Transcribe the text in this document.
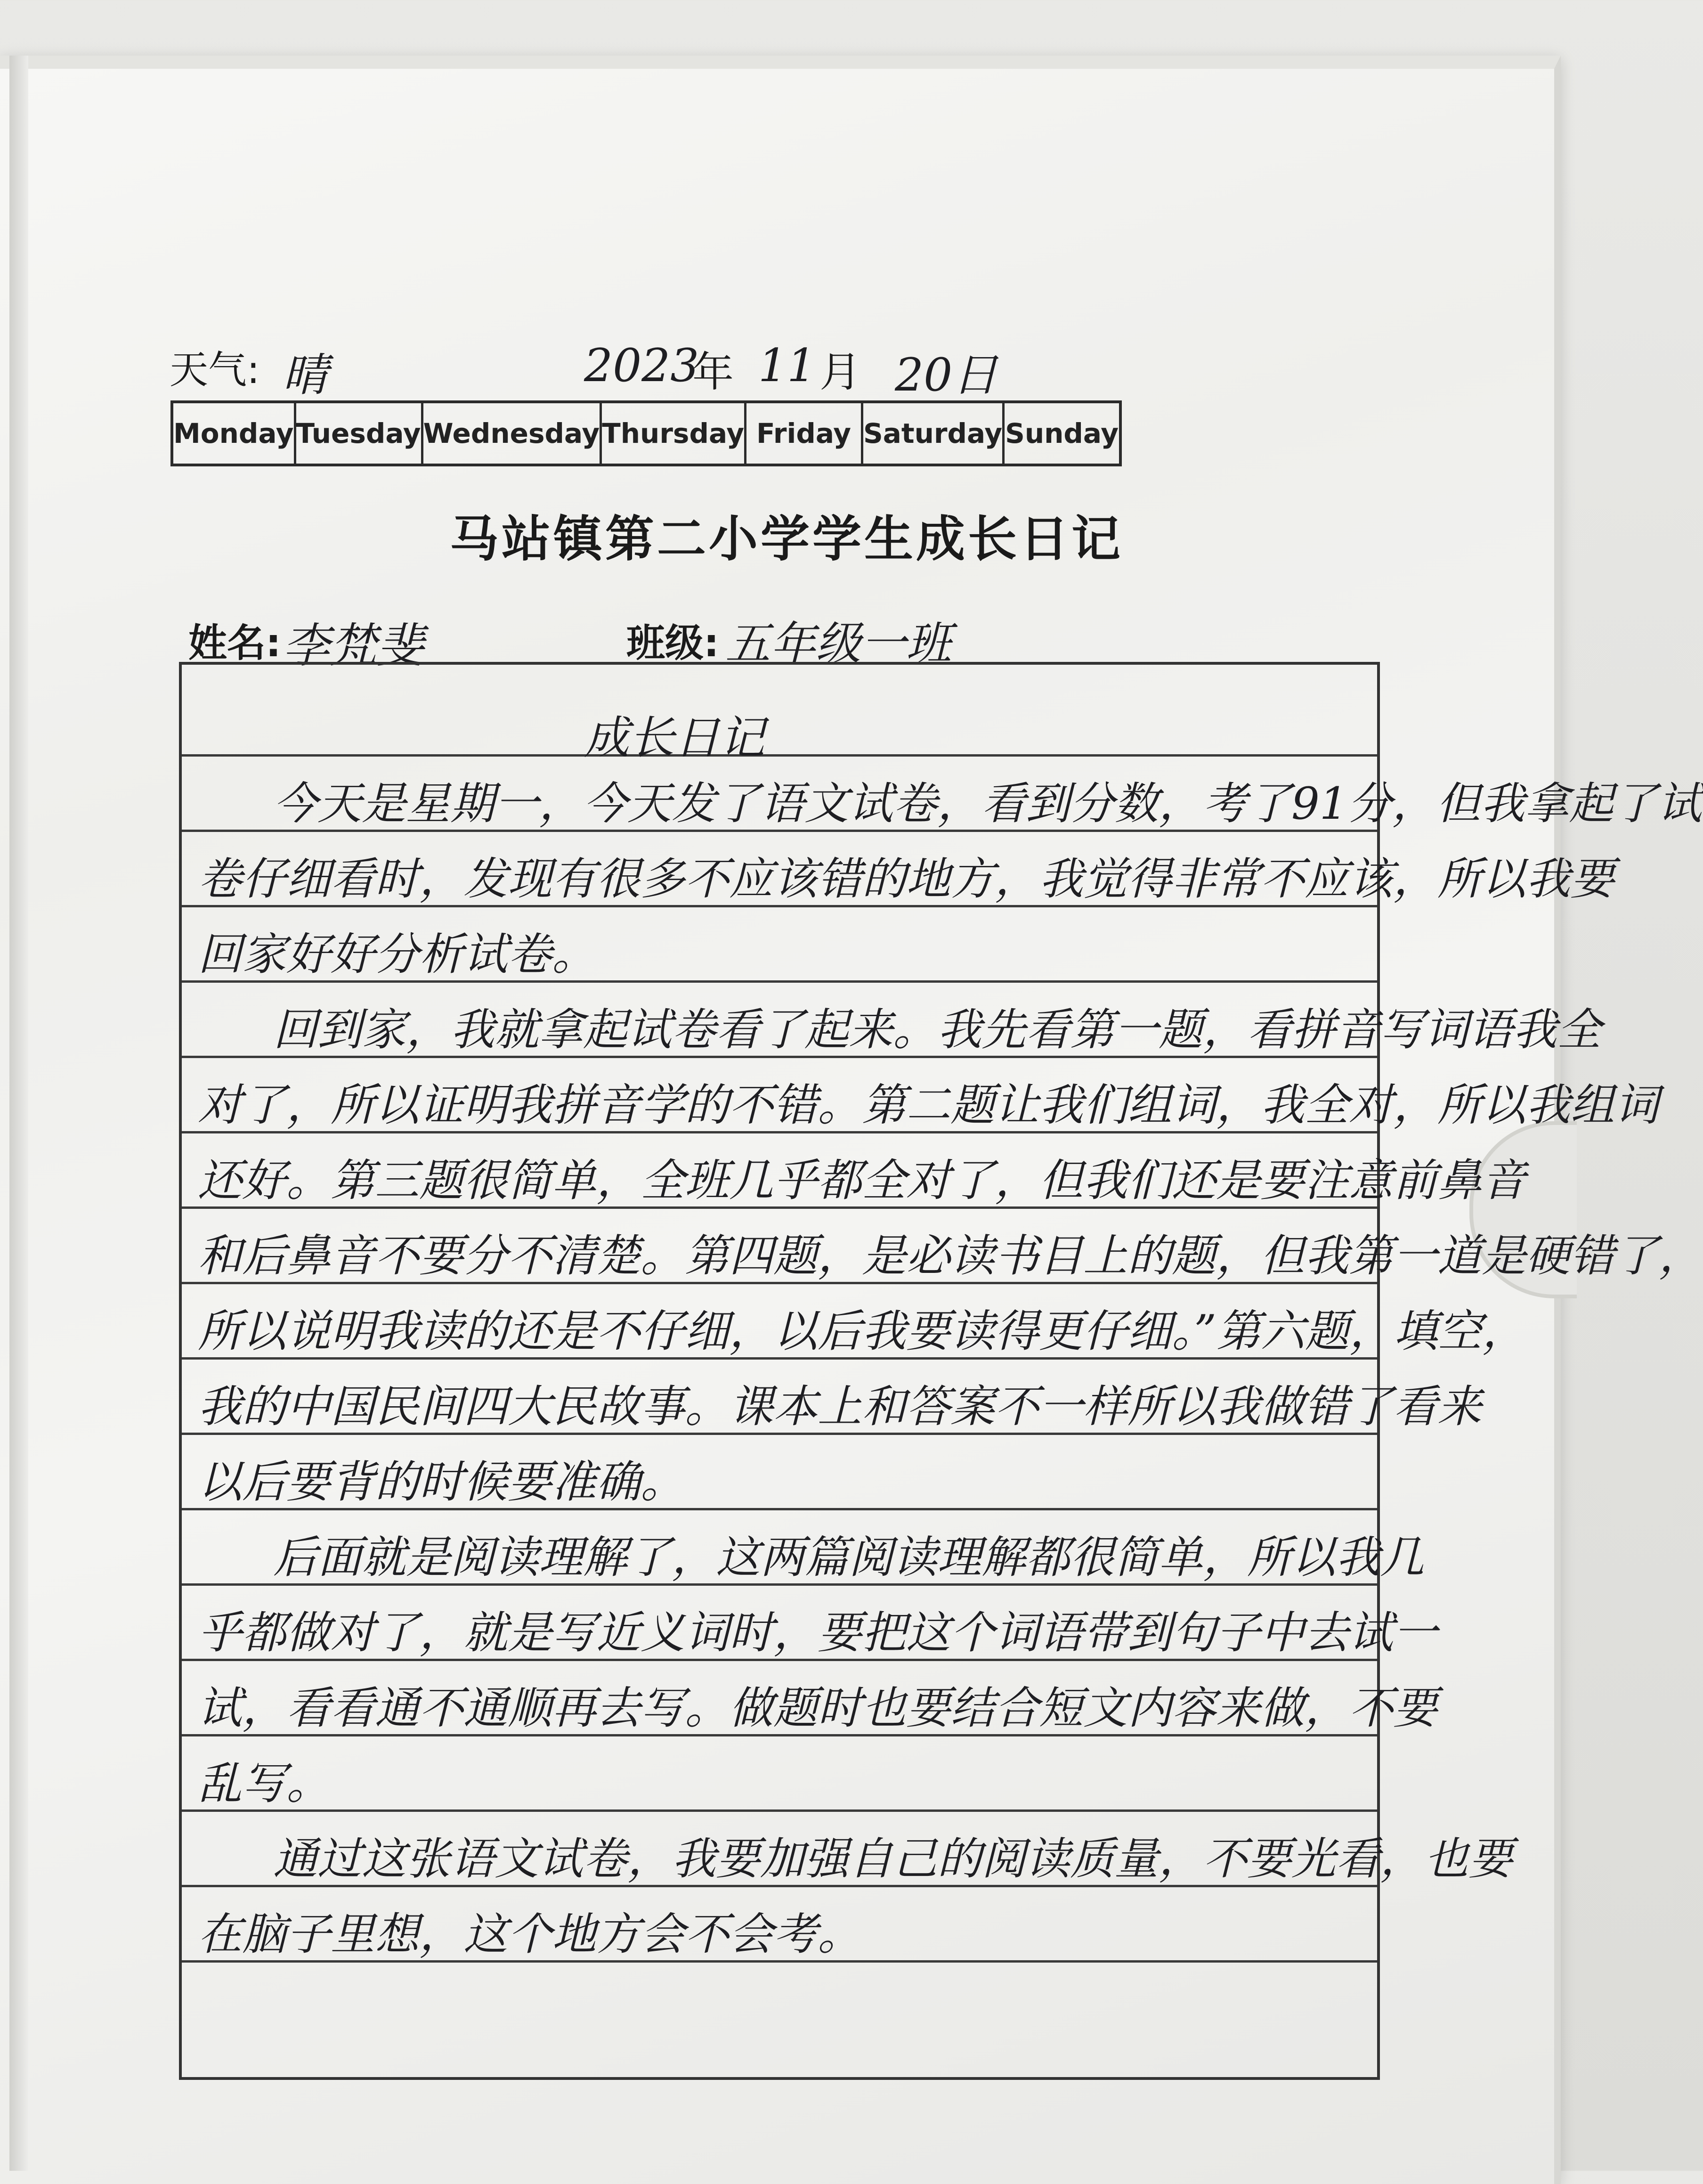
天气: 晴	2023
年 11 月 20日
Monday Tuesday Wednesday Thursday Friday Saturday Sunday
马站镇第二小学学生成长日记
姓名: 李梵斐	班级: 五年级一班
成长日记
今天是星期一，今天发了语文试卷，看到分数，考了91分，但我拿起了试
卷仔细看时，发现有很多不应该错的地方，我觉得非常不应该，所以我要
回家好好分析试卷。
回到家，我就拿起试卷看了起来。我先看第一题，看拼音写词语我全
对了，所以证明我拼音学的不错。第二题让我们组词，我全对，所以我组词
还好。第三题很简单，全班几乎都全对了，但我们还是要注意前鼻音
和后鼻音不要分不清楚。第四题，是必读书目上的题，但我第一道是硬错了，
所以说明我读的还是不仔细，以后我要读得更仔细。”第六题，填空，
我的中国民间四大民故事。课本上和答案不一样所以我做错了看来
以后要背的时候要准确。
后面就是阅读理解了，这两篇阅读理解都很简单，所以我几
乎都做对了，就是写近义词时，要把这个词语带到句子中去试一
试，看看通不通顺再去写。做题时也要结合短文内容来做，不要
乱写。
通过这张语文试卷，我要加强自己的阅读质量，不要光看，也要
在脑子里想，这个地方会不会考。
